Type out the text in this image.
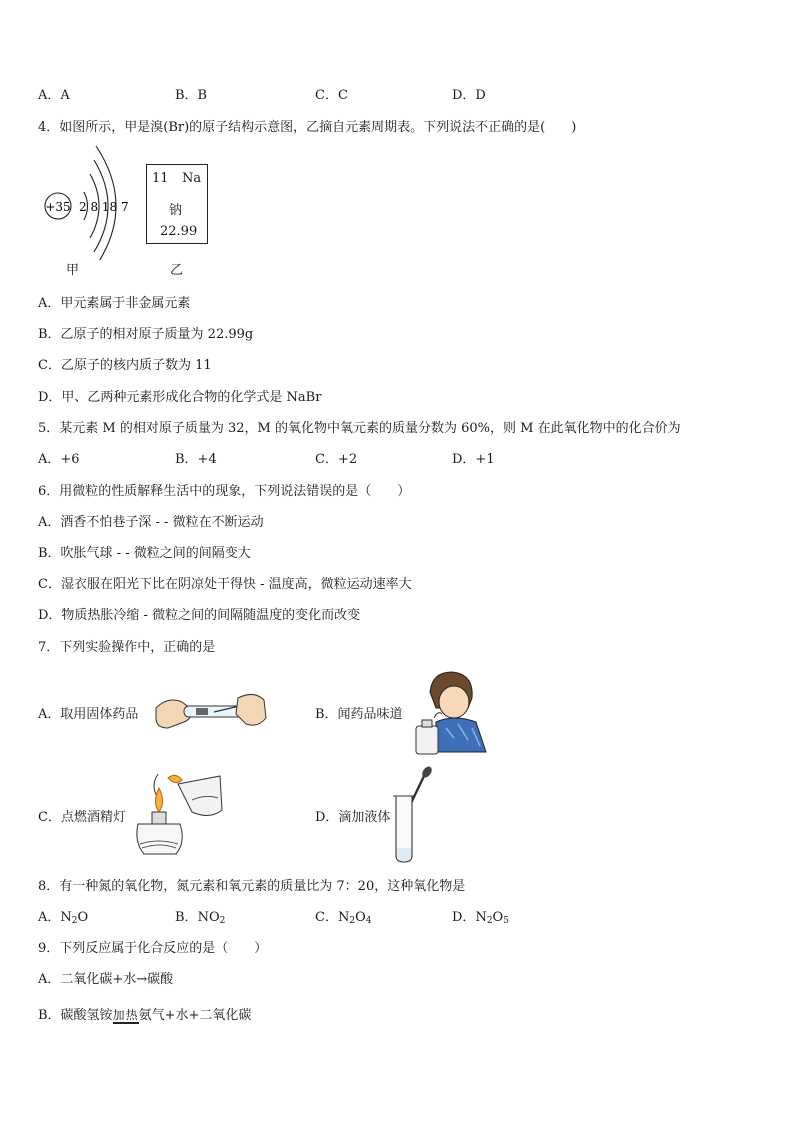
A．A	B．B	C．C	D．D
4．如图所示，甲是溴(Br)的原子结构示意图，乙摘自元素周期表。下列说法不正确的是(　　)
+35 2 8 18 7
甲
11 Na
钠
22.99
乙
A．甲元素属于非金属元素
B．乙原子的相对原子质量为 22.99g
C．乙原子的核内质子数为 11
D．甲、乙两种元素形成化合物的化学式是 NaBr
5．某元素 M 的相对原子质量为 32，M 的氧化物中氧元素的质量分数为 60%，则 M 在此氧化物中的化合价为
A．+6	B．+4	C．+2	D．+1
6．用微粒的性质解释生活中的现象，下列说法错误的是（　　）
A．酒香不怕巷子深 - - 微粒在不断运动
B．吹胀气球 - - 微粒之间的间隔变大
C．湿衣服在阳光下比在阴凉处干得快 - 温度高，微粒运动速率大
D．物质热胀冷缩 - 微粒之间的间隔随温度的变化而改变
7．下列实验操作中，正确的是
A．取用固体药品	B．闻药品味道
C．点燃酒精灯	D．滴加液体
8．有一种氮的氧化物，氮元素和氧元素的质量比为 7：20，这种氧化物是
A．$N_2O$	B．$NO_2$	C．$N_2O_4$	D．$N_2O_5$
9．下列反应属于化合反应的是（　　）
A．二氧化碳+水→碳酸
B．碳酸氢铵加热氨气+水+二氧化碳
